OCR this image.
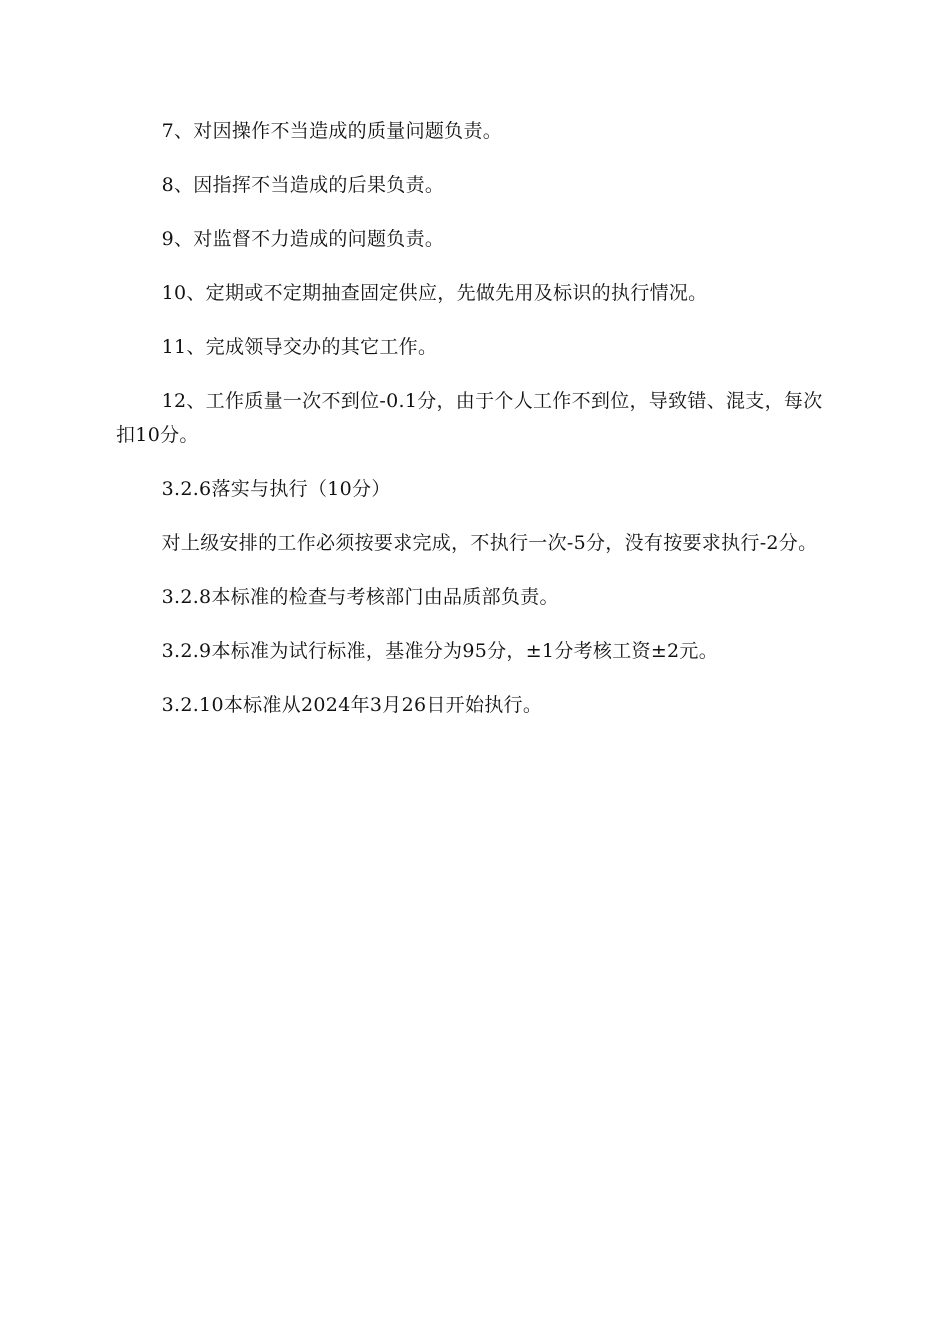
7、对因操作不当造成的质量问题负责。

8、因指挥不当造成的后果负责。

9、对监督不力造成的问题负责。

10、定期或不定期抽查固定供应，先做先用及标识的执行情况。

11、完成领导交办的其它工作。

12、工作质量一次不到位-0.1分，由于个人工作不到位，导致错、混支，每次扣10分。

3.2.6落实与执行（10分）

对上级安排的工作必须按要求完成，不执行一次-5分，没有按要求执行-2分。

3.2.8本标准的检查与考核部门由品质部负责。

3.2.9本标准为试行标准，基准分为95分，±1分考核工资±2元。

3.2.10本标准从2024年3月26日开始执行。
